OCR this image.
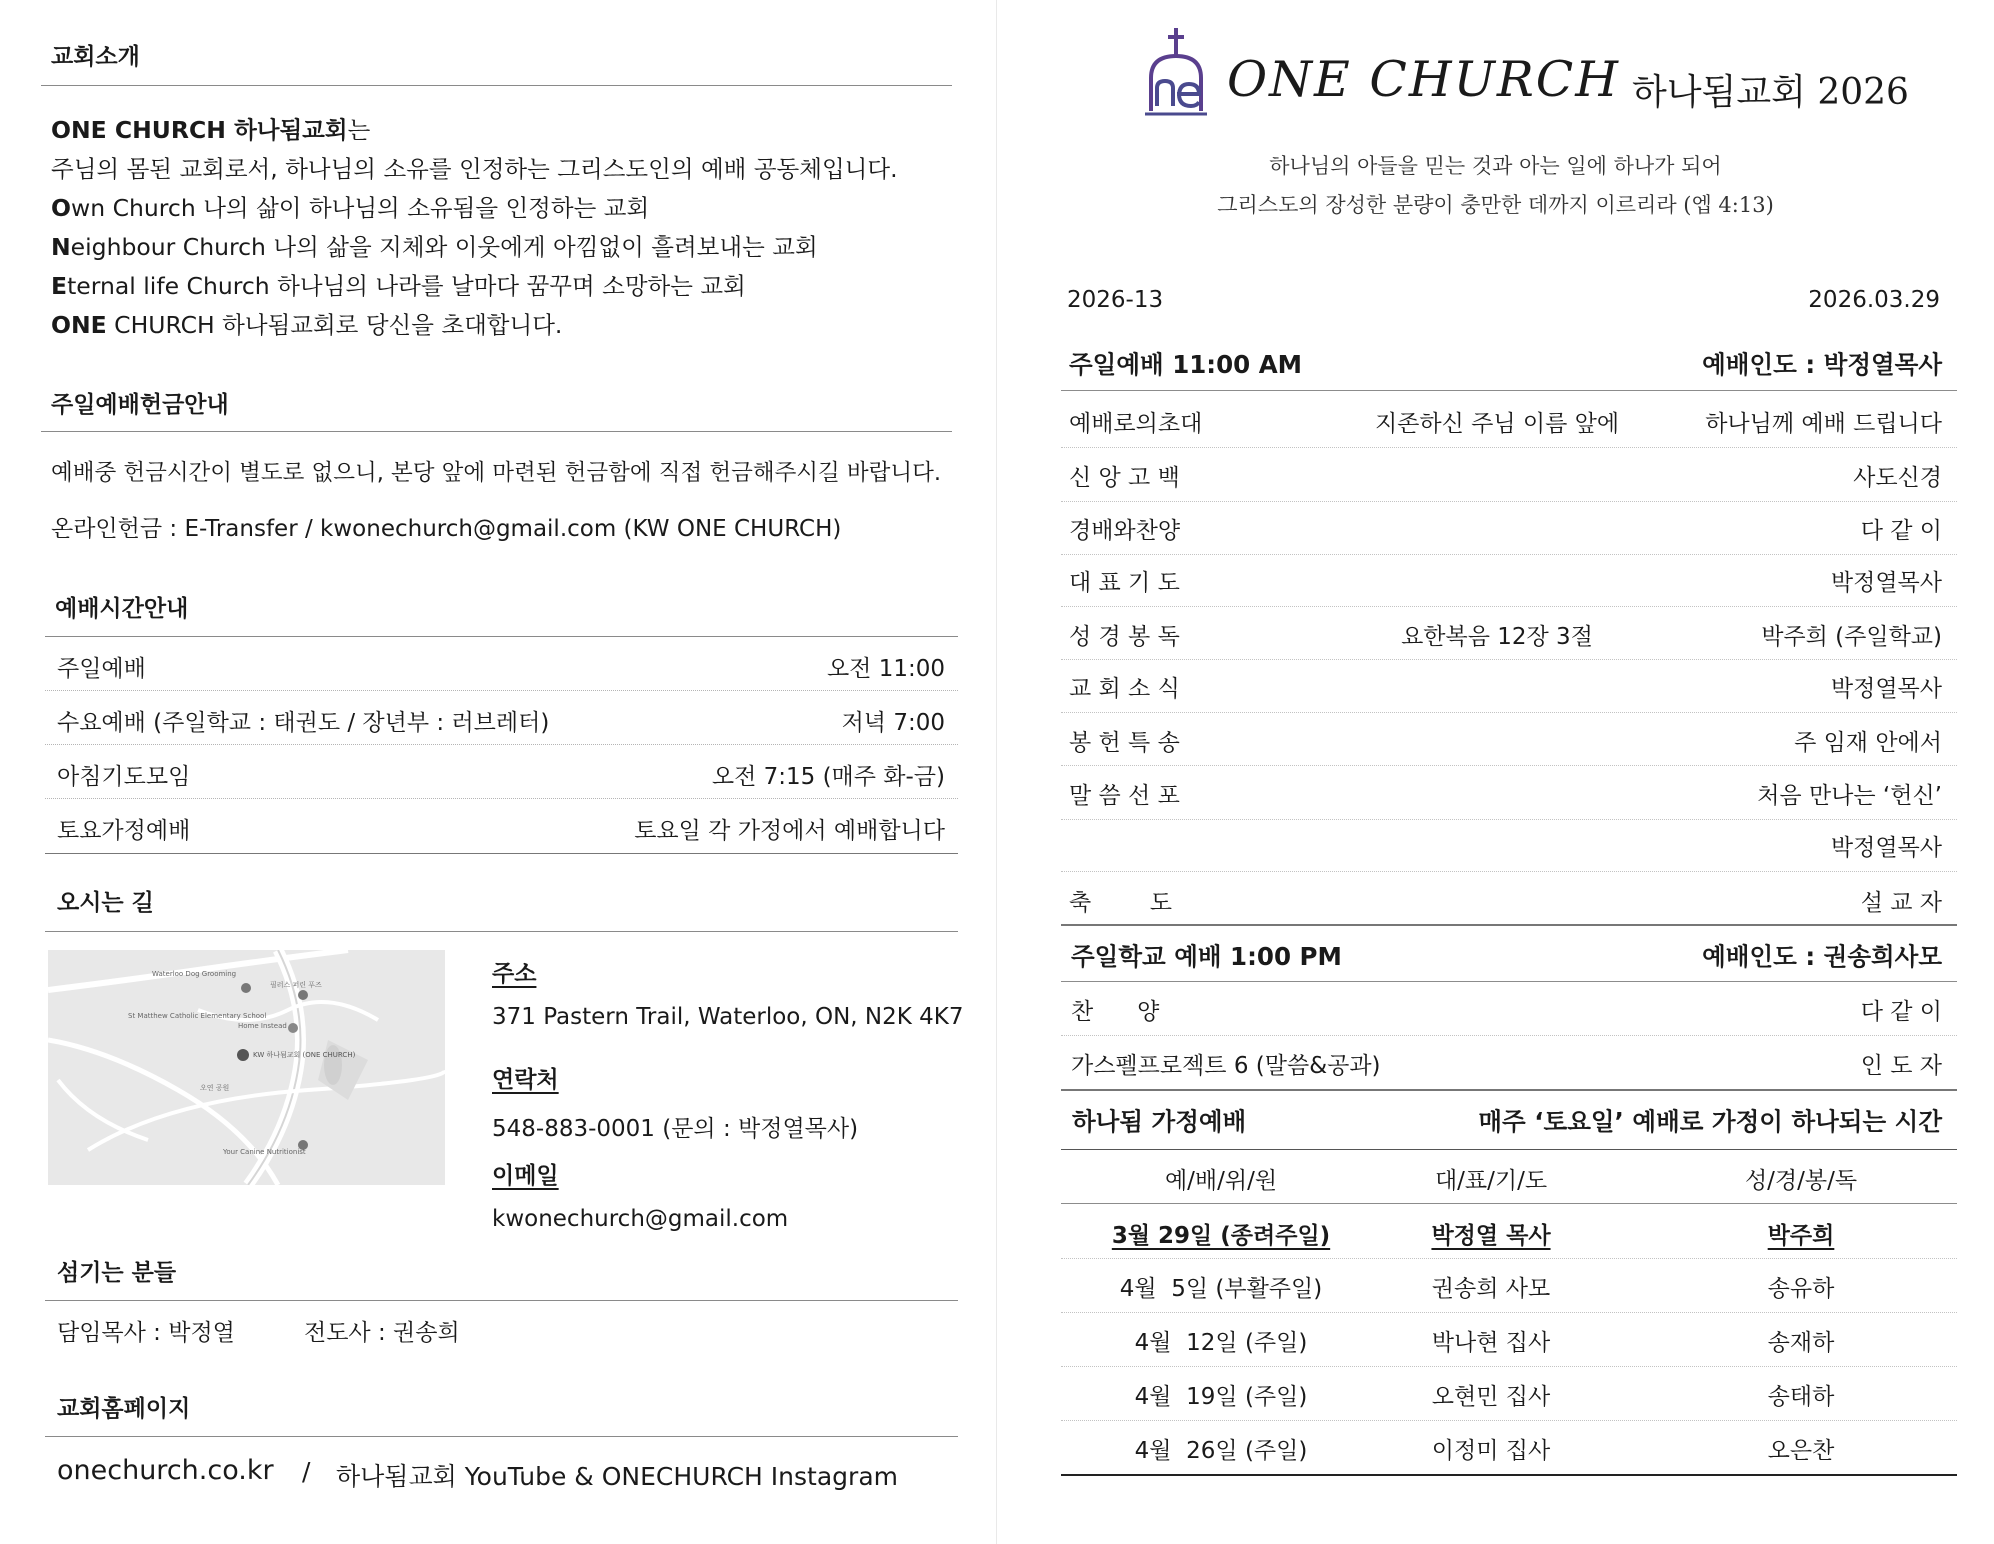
교회소개
ONE CHURCH 하나됨교회는
주님의 몸된 교회로서, 하나님의 소유를 인정하는 그리스도인의 예배 공동체입니다.
Own Church 나의 삶이 하나님의 소유됨을 인정하는 교회
Neighbour Church 나의 삶을 지체와 이웃에게 아낌없이 흘려보내는 교회
Eternal life Church 하나님의 나라를 날마다 꿈꾸며 소망하는 교회
ONE CHURCH 하나됨교회로 당신을 초대합니다.
주일예배헌금안내
예배중 헌금시간이 별도로 없으니, 본당 앞에 마련된 헌금함에 직접 헌금해주시길 바랍니다.
온라인헌금 : E-Transfer / kwonechurch@gmail.com (KW ONE CHURCH)
예배시간안내
주일예배	오전 11:00
수요예배 (주일학교 : 태권도 / 장년부 : 러브레터)	저녁 7:00
아침기도모임	오전 7:15 (매주 화-금)
토요가정예배	토요일 각 가정에서 예배합니다
오시는 길
Waterloo Dog Grooming
St Matthew Catholic Elementary School
Home Instead
KW 하나됨교회 (ONE CHURCH)
오연 공원
Your Canine Nutritionist
필러스 퍼린 푸즈	주소
371 Pastern Trail, Waterloo, ON, N2K 4K7
연락처
548-883-0001 (문의 : 박정열목사)
이메일
kwonechurch@gmail.com
섬기는 분들
담임목사 : 박정열	전도사 : 권송희
교회홈페이지
onechurch.co.kr / 하나됨교회 YouTube & ONECHURCH Instagram
ONE CHURCH 하나됨교회 2026
하나님의 아들을 믿는 것과 아는 일에 하나가 되어
그리스도의 장성한 분량이 충만한 데까지 이르리라 (엡 4:13)
2026-13	2026.03.29
주일예배 11:00 AM	예배인도 : 박정열목사
예배로의초대	지존하신 주님 이름 앞에	하나님께 예배 드립니다
신 앙 고 백	사도신경
경배와찬양	다 같 이
대 표 기 도	박정열목사
성 경 봉 독	요한복음 12장 3절	박주희 (주일학교)
교 회 소 식	박정열목사
봉 헌 특 송	주 임재 안에서
말 씀 선 포	처음 만나는 ‘헌신’
박정열목사
축        도	설 교 자
주일학교 예배 1:00 PM	예배인도 : 권송희사모
찬      양	다 같 이
가스펠프로젝트 6 (말씀&공과)	인 도 자
하나됨 가정예배	매주 ‘토요일’ 예배로 가정이 하나되는 시간
예/배/위/원	대/표/기/도	성/경/봉/독
3월 29일 (종려주일)	박정열 목사	박주희
4월  5일 (부활주일)	권송희 사모	송유하
4월  12일 (주일)	박나현 집사	송재하
4월  19일 (주일)	오현민 집사	송태하
4월  26일 (주일)	이정미 집사	오은찬
